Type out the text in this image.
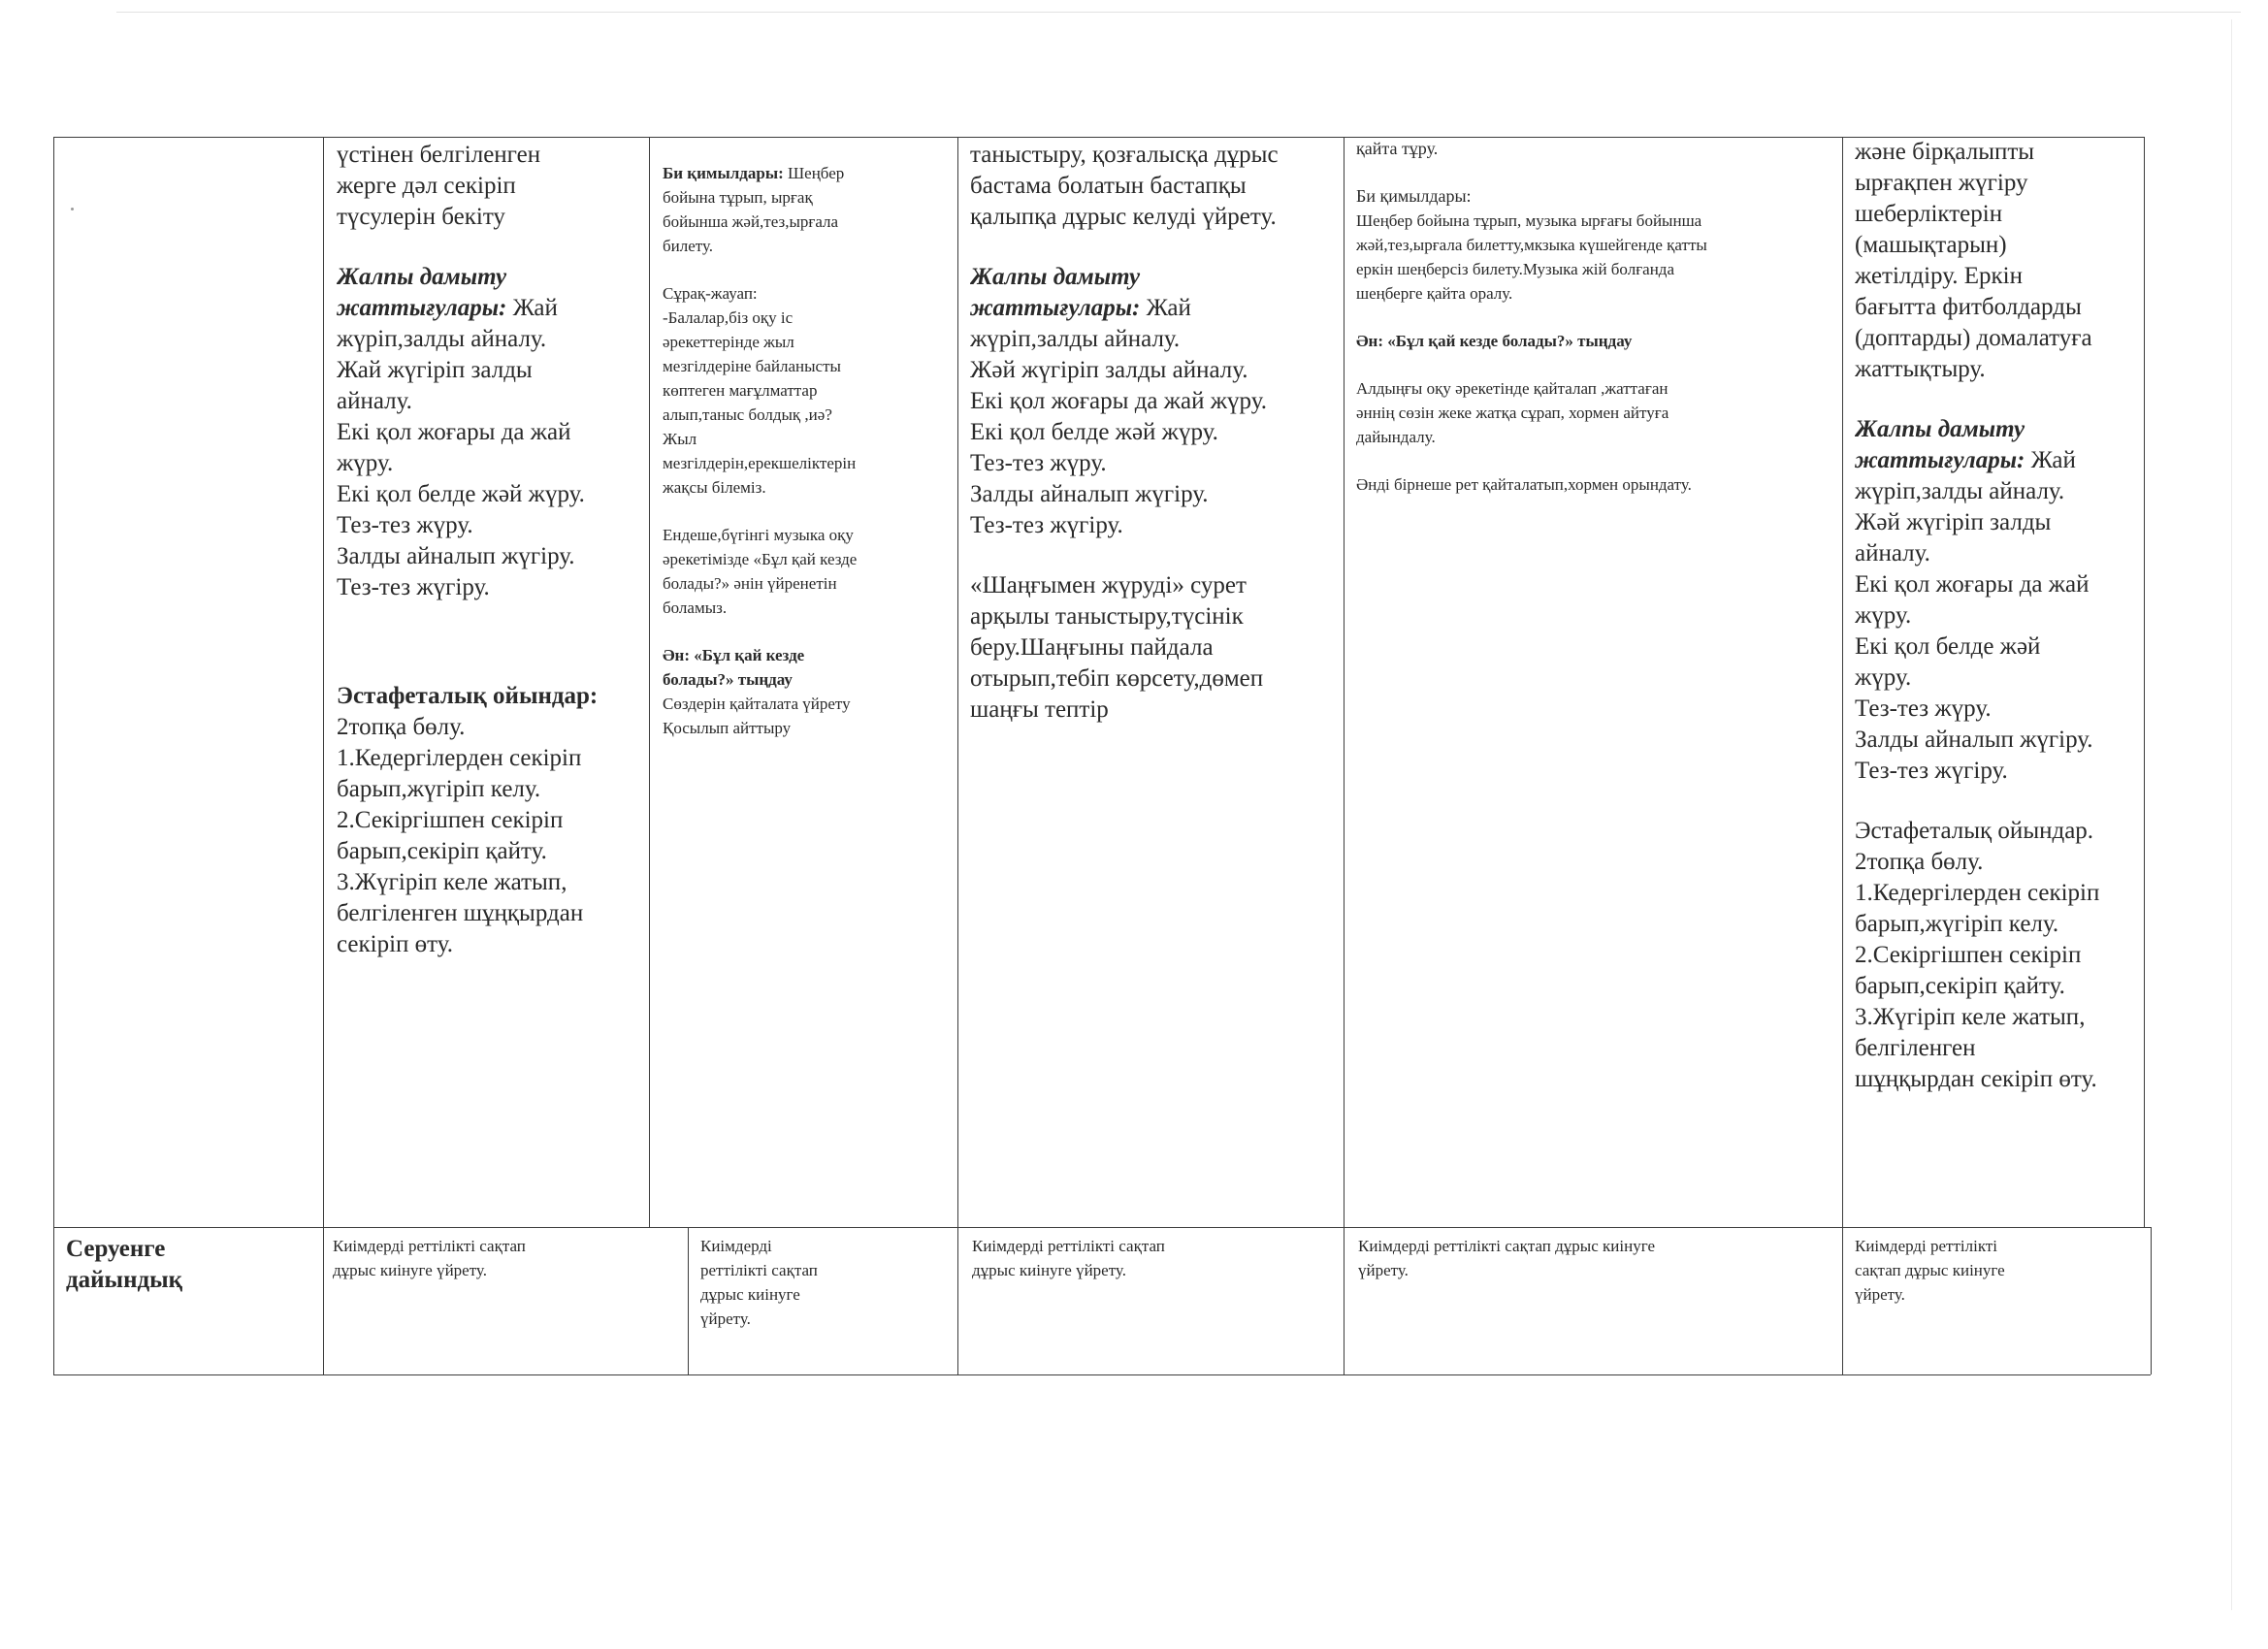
үстінен белгіленген
жерге дәл секіріп
түсулерін бекіту

Жалпы дамыту
жаттығулары: Жай

жүріп,залды айналу.
Жай жүгіріп залды
айналу.
Екі қол жоғары да жай
жүру.
Екі қол белде жәй жүру.
Тез-тез жүру.
Залды айналып жүгіру.
Тез-тез жүгіру.

Эстафеталық ойындар:

2топқа бөлу.
1.Кедергілерден секіріп
барып,жүгіріп келу.
2.Секіргішпен секіріп
барып,секіріп қайту.
3.Жүгіріп келе жатып,
белгіленген шұңқырдан
секіріп өту.

Би қимылдары: Шеңбер
бойына тұрып, ырғақ
бойынша жәй,тез,ырғала
билету.

Сұрақ-жауап:
-Балалар,біз оқу іс
әрекеттерінде жыл
мезгілдеріне байланысты
көптеген мағұлматтар
алып,таныс болдық ,иә?
Жыл
мезгілдерін,ерекшеліктерін
жақсы білеміз.

Ендеше,бүгінгі музыка оқу
әрекетімізде «Бұл қай кезде
болады?» әнін үйренетін
боламыз.

Ән: «Бұл қай кезде
болады?» тыңдау

Сөздерін қайталата үйрету
Қосылып айттыру

таныстыру, қозғалысқа дұрыс
бастама болатын бастапқы
қалыпқа дұрыс келуді үйрету.

Жалпы дамыту
жаттығулары: Жай

жүріп,залды айналу.
Жәй жүгіріп залды айналу.
Екі қол жоғары да жай жүру.
Екі қол белде жәй жүру.
Тез-тез жүру.
Залды айналып жүгіру.
Тез-тез жүгіру.

«Шаңғымен жүруді» сурет
арқылы таныстыру,түсінік
беру.Шаңғыны пайдала
отырып,тебіп көрсету,дөмеп
шаңғы тептір

қайта тұру.

Би қимылдары:

Шеңбер бойына тұрып, музыка ырғағы бойынша
жәй,тез,ырғала билетту,мкзыка күшейгенде қатты
еркін шеңберсіз билету.Музыка жій болғанда
шеңберге қайта оралу.

Ән: «Бұл қай кезде болады?» тыңдау

Алдыңғы оқу әрекетінде қайталап ,жаттаған
әннің сөзін жеке жатқа сұрап, хормен айтуға
дайындалу.

Әнді бірнеше рет қайталатып,хормен орындату.

және бірқалыпты
ырғақпен жүгіру
шеберліктерін
(машықтарын)
жетілдіру. Еркін
бағытта фитболдарды
(доптарды) домалатуға
жаттықтыру.

Жалпы дамыту
жаттығулары: Жай

жүріп,залды айналу.
Жәй жүгіріп залды
айналу.
Екі қол жоғары да жай
жүру.
Екі қол белде жәй
жүру.
Тез-тез жүру.
Залды айналып жүгіру.
Тез-тез жүгіру.

Эстафеталық ойындар.
2топқа бөлу.
1.Кедергілерден секіріп
барып,жүгіріп келу.
2.Секіргішпен секіріп
барып,секіріп қайту.
3.Жүгіріп келе жатып,
белгіленген
шұңқырдан секіріп өту.

Серуенге
дайындық

Киімдерді реттілікті сақтап
дұрыс киінуге үйрету.

Киімдерді
реттілікті сақтап
дұрыс киінуге
үйрету.

Киімдерді реттілікті сақтап
дұрыс киінуге үйрету.

Киімдерді реттілікті сақтап дұрыс киінуге
үйрету.

Киімдерді реттілікті
сақтап дұрыс киінуге
үйрету.
